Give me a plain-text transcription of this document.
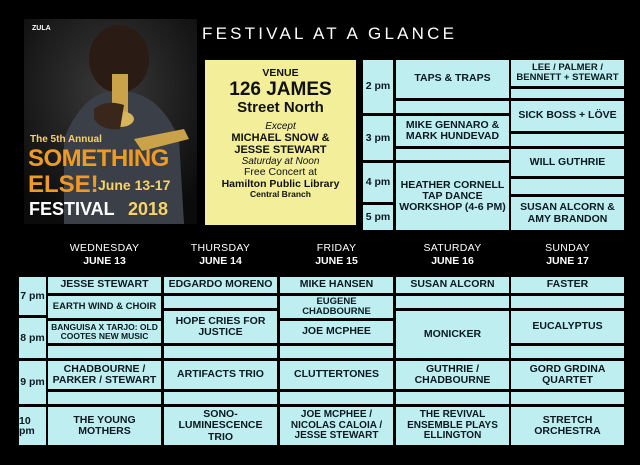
FESTIVAL AT A GLANCE
ZULA
The 5th Annual
SOMETHING
ELSE! June 13-17
FESTIVAL 2018
VENUE
126 JAMES
Street North
Except
MICHAEL SNOW & JESSE STEWART
Saturday at Noon
Free Concert at
Hamilton Public Library
Central Branch
2 pm
3 pm
4 pm
5 pm
TAPS & TRAPS
MIKE GENNARO & MARK HUNDEVAD
HEATHER CORNELL TAP DANCE WORKSHOP (4-6 PM)
LEE / PALMER / BENNETT + STEWART
SICK BOSS + LÖVE
WILL GUTHRIE
SUSAN ALCORN & AMY BRANDON
WEDNESDAY
JUNE 13
THURSDAY
JUNE 14
FRIDAY
JUNE 15
SATURDAY
JUNE 16
SUNDAY
JUNE 17
7 pm
8 pm
9 pm
10 pm
JESSE STEWART
EARTH WIND & CHOIR
BANGUISA X TARJO: OLD COOTES NEW MUSIC
CHADBOURNE / PARKER / STEWART
THE YOUNG MOTHERS
EDGARDO MORENO
HOPE CRIES FOR JUSTICE
ARTIFACTS TRIO
SONO-LUMINESCENCE TRIO
MIKE HANSEN
EUGENE CHADBOURNE
JOE MCPHEE
CLUTTERTONES
JOE MCPHEE / NICOLAS CALOIA / JESSE STEWART
SUSAN ALCORN
MONICKER
GUTHRIE / CHADBOURNE
THE REVIVAL ENSEMBLE PLAYS ELLINGTON
FASTER
EUCALYPTUS
GORD GRDINA QUARTET
STRETCH ORCHESTRA
